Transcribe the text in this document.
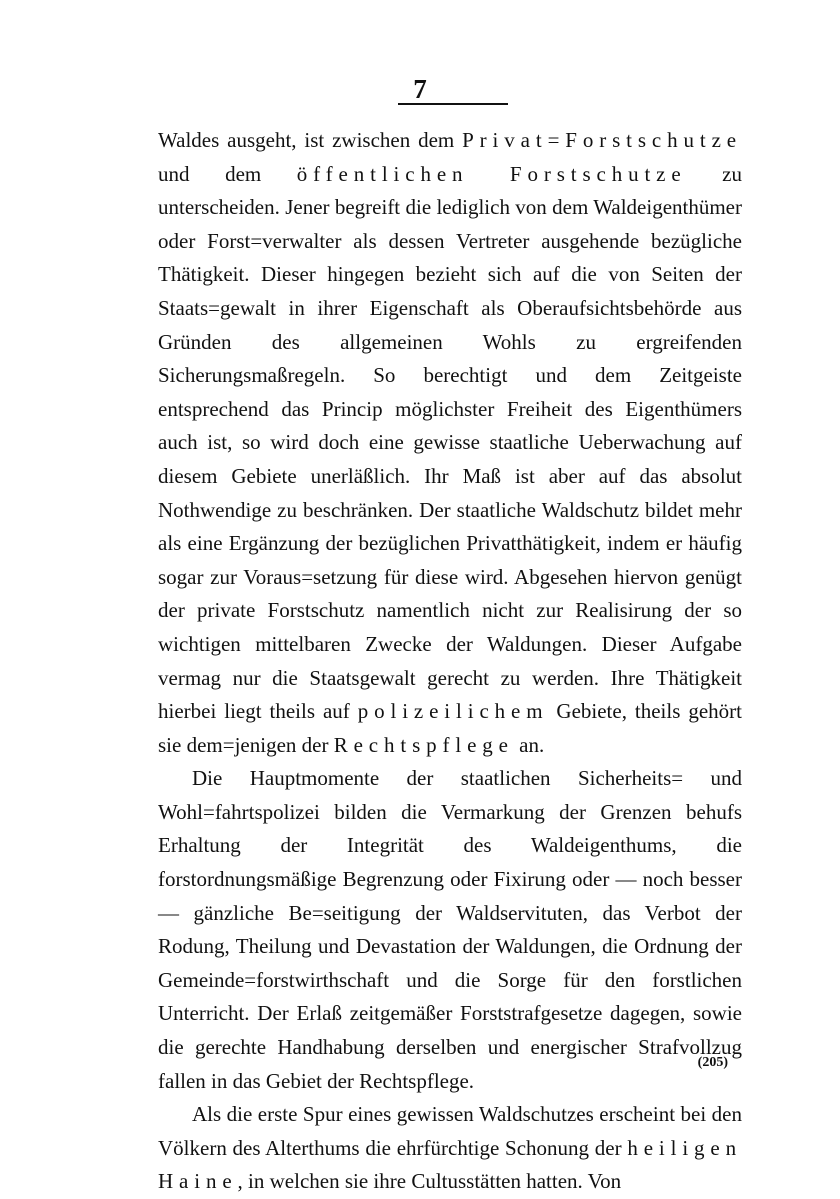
7

Waldes ausgeht, ist zwischen dem Privat=Forstschutze und dem öffentlichen Forstschutze zu unterscheiden. Jener begreift die lediglich von dem Waldeigenthümer oder Forst=verwalter als dessen Vertreter ausgehende bezügliche Thätigkeit. Dieser hingegen bezieht sich auf die von Seiten der Staats=gewalt in ihrer Eigenschaft als Oberaufsichtsbehörde aus Gründen des allgemeinen Wohls zu ergreifenden Sicherungsmaßregeln. So berechtigt und dem Zeitgeiste entsprechend das Princip möglichster Freiheit des Eigenthümers auch ist, so wird doch eine gewisse staatliche Ueberwachung auf diesem Gebiete unerläßlich. Ihr Maß ist aber auf das absolut Nothwendige zu beschränken. Der staatliche Waldschutz bildet mehr als eine Ergänzung der bezüglichen Privatthätigkeit, indem er häufig sogar zur Voraus=setzung für diese wird. Abgesehen hiervon genügt der private Forstschutz namentlich nicht zur Realisirung der so wichtigen mittelbaren Zwecke der Waldungen. Dieser Aufgabe vermag nur die Staatsgewalt gerecht zu werden. Ihre Thätigkeit hierbei liegt theils auf polizeilichem Gebiete, theils gehört sie dem=jenigen der Rechtspflege an.

Die Hauptmomente der staatlichen Sicherheits= und Wohl=fahrtspolizei bilden die Vermarkung der Grenzen behufs Erhaltung der Integrität des Waldeigenthums, die forstordnungsmäßige Begrenzung oder Fixirung oder — noch besser — gänzliche Be=seitigung der Waldservituten, das Verbot der Rodung, Theilung und Devastation der Waldungen, die Ordnung der Gemeinde=forstwirthschaft und die Sorge für den forstlichen Unterricht. Der Erlaß zeitgemäßer Forststrafgesetze dagegen, sowie die gerechte Handhabung derselben und energischer Strafvollzug fallen in das Gebiet der Rechtspflege.

Als die erste Spur eines gewissen Waldschutzes erscheint bei den Völkern des Alterthums die ehrfürchtige Schonung der heiligen Haine, in welchen sie ihre Cultusstätten hatten. Von

(205)
